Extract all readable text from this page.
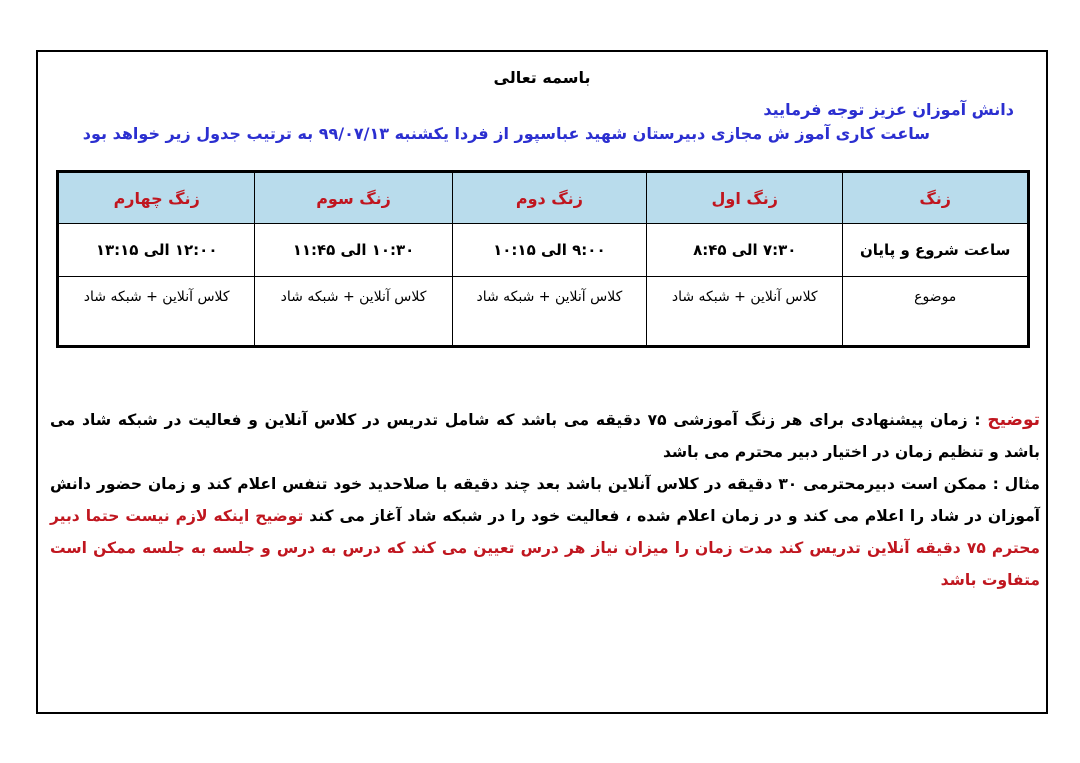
باسمه تعالی
دانش آموزان عزیز توجه فرمایید
ساعت کاری آموز ش مجازی دبیرستان شهید عباسپور از فردا یکشنبه ۹۹/۰۷/۱۳ به ترتیب جدول زیر خواهد بود
زنگ	زنگ اول	زنگ دوم	زنگ سوم	زنگ چهارم
ساعت شروع و پایان	۷:۳۰ الی ۸:۴۵	۹:۰۰ الی ۱۰:۱۵	۱۰:۳۰ الی ۱۱:۴۵	۱۲:۰۰ الی ۱۳:۱۵
موضوع	کلاس آنلاین + شبکه شاد	کلاس آنلاین + شبکه شاد	کلاس آنلاین + شبکه شاد	کلاس آنلاین + شبکه شاد

توضیح : زمان پیشنهادی برای هر زنگ آموزشی ۷۵ دقیقه می باشد که شامل تدریس در کلاس آنلاین و فعالیت در شبکه شاد می باشد و تنظیم زمان در اختیار دبیر محترم می باشد

مثال : ممکن است دبیرمحترمی ۳۰ دقیقه در کلاس آنلاین باشد بعد چند دقیقه با صلاحدید خود تنفس اعلام کند و زمان حضور دانش آموزان در شاد را اعلام می کند و در زمان اعلام شده ، فعالیت خود را در شبکه شاد آغاز می کند توضیح اینکه لازم نیست حتما دبیر محترم ۷۵ دقیقه آنلاین تدریس کند مدت زمان را میزان نیاز هر درس تعیین می کند که درس به درس و جلسه به جلسه ممکن است متفاوت باشد
